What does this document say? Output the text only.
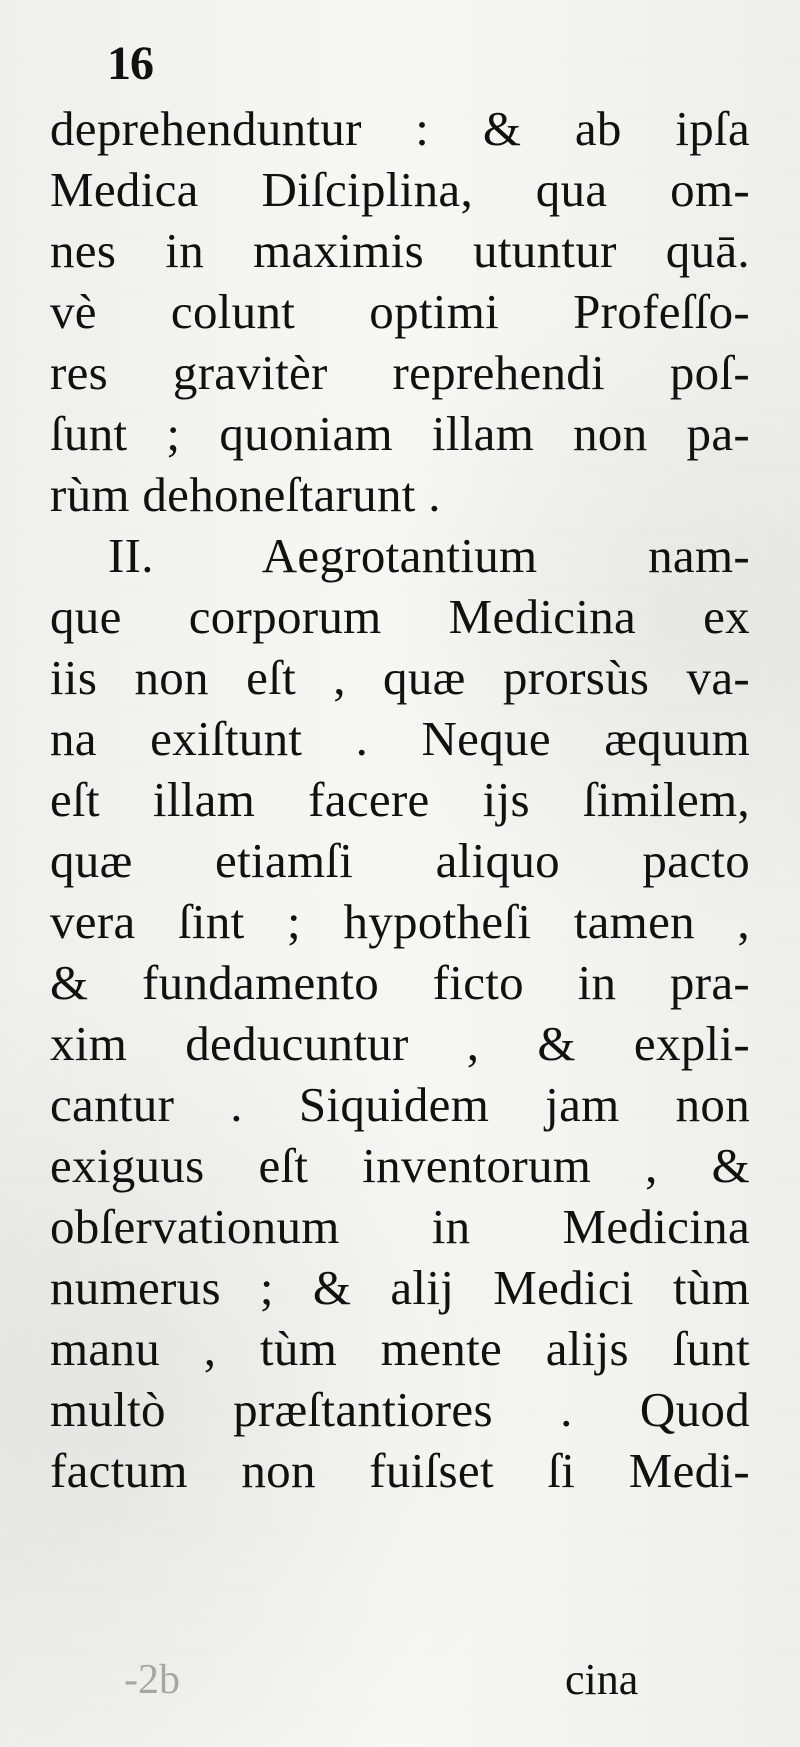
16
deprehenduntur : & ab ipſa
Medica Diſciplina, qua om-
nes in maximis utuntur quā.
vè colunt optimi Profeſſo-
res gravitèr reprehendi poſ-
ſunt ; quoniam illam non pa-
rùm dehoneſtarunt .
II. Aegrotantium nam-
que corporum Medicina ex
iis non eſt , quæ prorsùs va-
na exiſtunt . Neque æquum
eſt illam facere ijs ſimilem,
quæ etiamſi aliquo pacto
vera ſint ; hypotheſi tamen ,
& fundamento ficto in pra-
xim deducuntur , & expli-
cantur . Siquidem jam non
exiguus eſt inventorum , &
obſervationum in Medicina
numerus ; & alij Medici tùm
manu , tùm mente alijs ſunt
multò præſtantiores . Quod
factum non fuiſset ſi Medi-
-2b	cina
